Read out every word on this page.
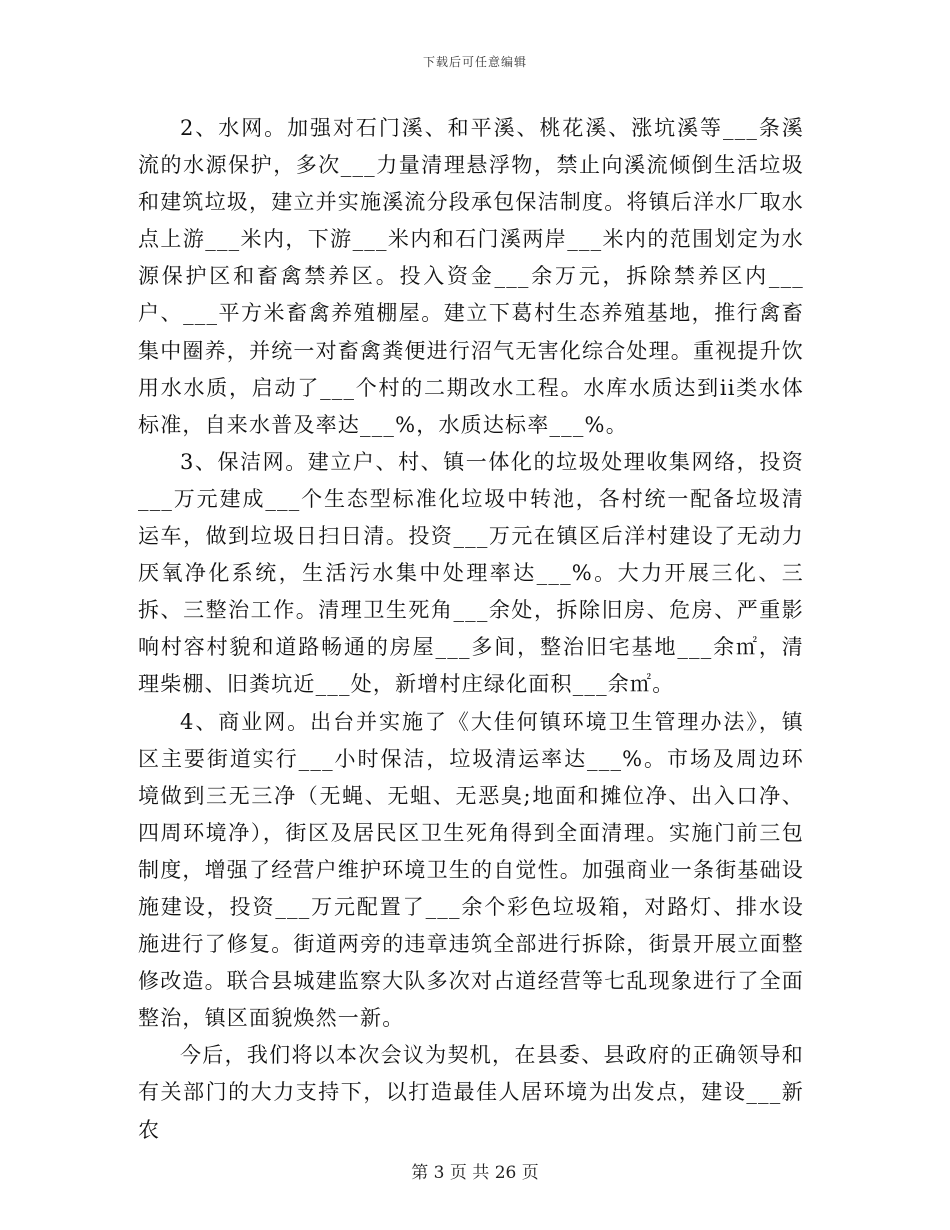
下载后可任意编辑

2、水网。加强对石门溪、和平溪、桃花溪、涨坑溪等___条溪流的水源保护，多次___力量清理悬浮物，禁止向溪流倾倒生活垃圾和建筑垃圾，建立并实施溪流分段承包保洁制度。将镇后洋水厂取水点上游___米内，下游___米内和石门溪两岸___米内的范围划定为水源保护区和畜禽禁养区。投入资金___余万元，拆除禁养区内___户、___平方米畜禽养殖棚屋。建立下葛村生态养殖基地，推行禽畜集中圈养，并统一对畜禽粪便进行沼气无害化综合处理。重视提升饮用水水质，启动了___个村的二期改水工程。水库水质达到ii类水体标准，自来水普及率达___%，水质达标率___%。

3、保洁网。建立户、村、镇一体化的垃圾处理收集网络，投资___万元建成___个生态型标准化垃圾中转池，各村统一配备垃圾清运车，做到垃圾日扫日清。投资___万元在镇区后洋村建设了无动力厌氧净化系统，生活污水集中处理率达___%。大力开展三化、三拆、三整治工作。清理卫生死角___余处，拆除旧房、危房、严重影响村容村貌和道路畅通的房屋___多间，整治旧宅基地___余㎡，清理柴棚、旧粪坑近___处，新增村庄绿化面积___余㎡。

4、商业网。出台并实施了《大佳何镇环境卫生管理办法》，镇区主要街道实行___小时保洁，垃圾清运率达___%。市场及周边环境做到三无三净（无蝇、无蛆、无恶臭;地面和摊位净、出入口净、四周环境净），街区及居民区卫生死角得到全面清理。实施门前三包制度，增强了经营户维护环境卫生的自觉性。加强商业一条街基础设施建设，投资___万元配置了___余个彩色垃圾箱，对路灯、排水设施进行了修复。街道两旁的违章违筑全部进行拆除，街景开展立面整修改造。联合县城建监察大队多次对占道经营等七乱现象进行了全面整治，镇区面貌焕然一新。

今后，我们将以本次会议为契机，在县委、县政府的正确领导和有关部门的大力支持下，以打造最佳人居环境为出发点，建设___新农

第 3 页 共 26 页
